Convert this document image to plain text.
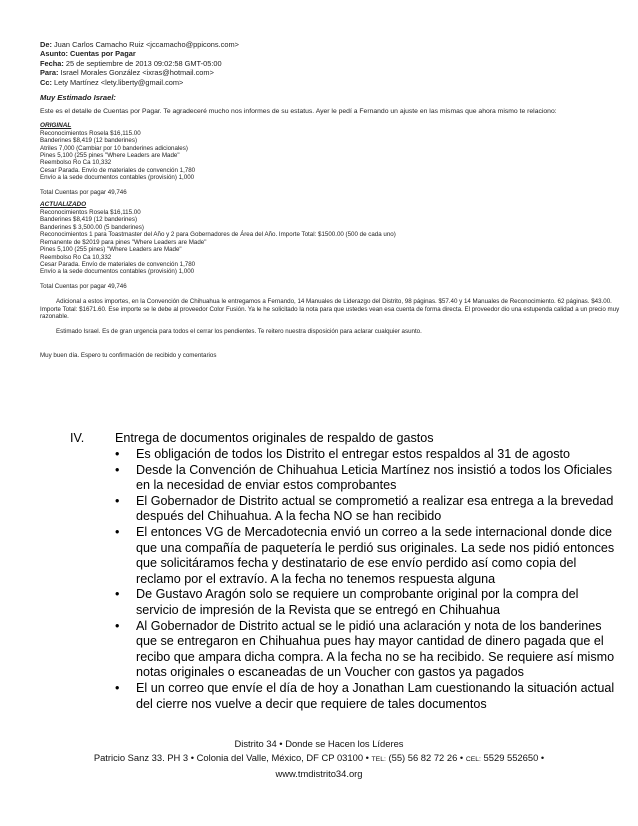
De: Juan Carlos Camacho Ruiz <jccamacho@ppicons.com>
Asunto: Cuentas por Pagar
Fecha: 25 de septiembre de 2013 09:02:58 GMT-05:00
Para: Israel Morales González <ixras@hotmail.com>
Cc: Lety Martínez <lety.liberty@gmail.com>
Muy Estimado Israel:
Este es el detalle de Cuentas por Pagar. Te agradeceré mucho nos informes de su estatus. Ayer le pedí a Fernando un ajuste en las mismas que ahora mismo te relaciono:
ORIGINAL
Reconocimientos Rosela $16,115.00
Banderines $8,419 (12 banderines)
Atriles 7,000 (Cambiar por 10 banderines adicionales)
Pines 5,100 (255 pines "Where Leaders are Made"
Reembolso Ro Ca 10,332
Cesar Parada. Envío de materiales de convención 1,780
Envío a la sede documentos contables (provisión) 1,000
Total Cuentas por pagar 49,746
ACTUALIZADO
Reconocimientos Rosela $16,115.00
Banderines $8,419 (12 banderines)
Banderines $ 3,500.00 (5 banderines)
Reconocimientos 1 para Toastmaster del Año y 2 para Gobernadores de Área del Año. Importe Total: $1500.00 (500 de cada uno)
Remanente de $2019 para pines "Where Leaders are Made"
Pines 5,100 (255 pines) "Where Leaders are Made"
Reembolso Ro Ca 10,332
Cesar Parada. Envío de materiales de convención 1,780
Envío a la sede documentos contables (provisión) 1,000
Total Cuentas por pagar 49,746
Adicional a estos importes, en la Convención de Chihuahua le entregamos a Fernando, 14 Manuales de Liderazgo del Distrito, 98 páginas. $57.40 y 14 Manuales de Reconocimiento. 62 páginas. $43.00. Importe Total: $1671.60. Ese importe se le debe al proveedor Color Fusión. Ya le he solicitado la nota para que ustedes vean esa cuenta de forma directa. El proveedor dio una estupenda calidad a un precio muy razonable.
Estimado Israel. Es de gran urgencia para todos el cerrar los pendientes. Te reitero nuestra disposición para aclarar cualquier asunto.
Muy buen día. Espero tu confirmación de recibido y comentarios
IV. Entrega de documentos originales de respaldo de gastos
• Es obligación de todos los Distrito el entregar estos respaldos al 31 de agosto
• Desde la Convención de Chihuahua Leticia Martínez nos insistió a todos los Oficiales en la necesidad de enviar estos comprobantes
• El Gobernador de Distrito actual se comprometió a realizar esa entrega a la brevedad después del Chihuahua. A la fecha NO se han recibido
• El entonces VG de Mercadotecnia envió un correo a la sede internacional donde dice que una compañía de paquetería le perdió sus originales. La sede nos pidió entonces que solicitáramos fecha y destinatario de ese envío perdido así como copia del reclamo por el extravío. A la fecha no tenemos respuesta alguna
• De Gustavo Aragón solo se requiere un comprobante original por la compra del servicio de impresión de la Revista que se entregó en Chihuahua
• Al Gobernador de Distrito actual se le pidió una aclaración y nota de los banderines que se entregaron en Chihuahua pues hay mayor cantidad de dinero pagada que el recibo que ampara dicha compra. A la fecha no se ha recibido. Se requiere así mismo notas originales o escaneadas de un Voucher con gastos ya pagados
• El un correo que envíe el día de hoy a Jonathan Lam cuestionando la situación actual del cierre nos vuelve a decir que requiere de tales documentos
Distrito 34 • Donde se Hacen los Líderes
Patricio Sanz 33. PH 3 • Colonia del Valle, México, DF CP 03100 • TEL: (55) 56 82 72 26 • CEL: 5529 552650 •
www.tmdistrito34.org
